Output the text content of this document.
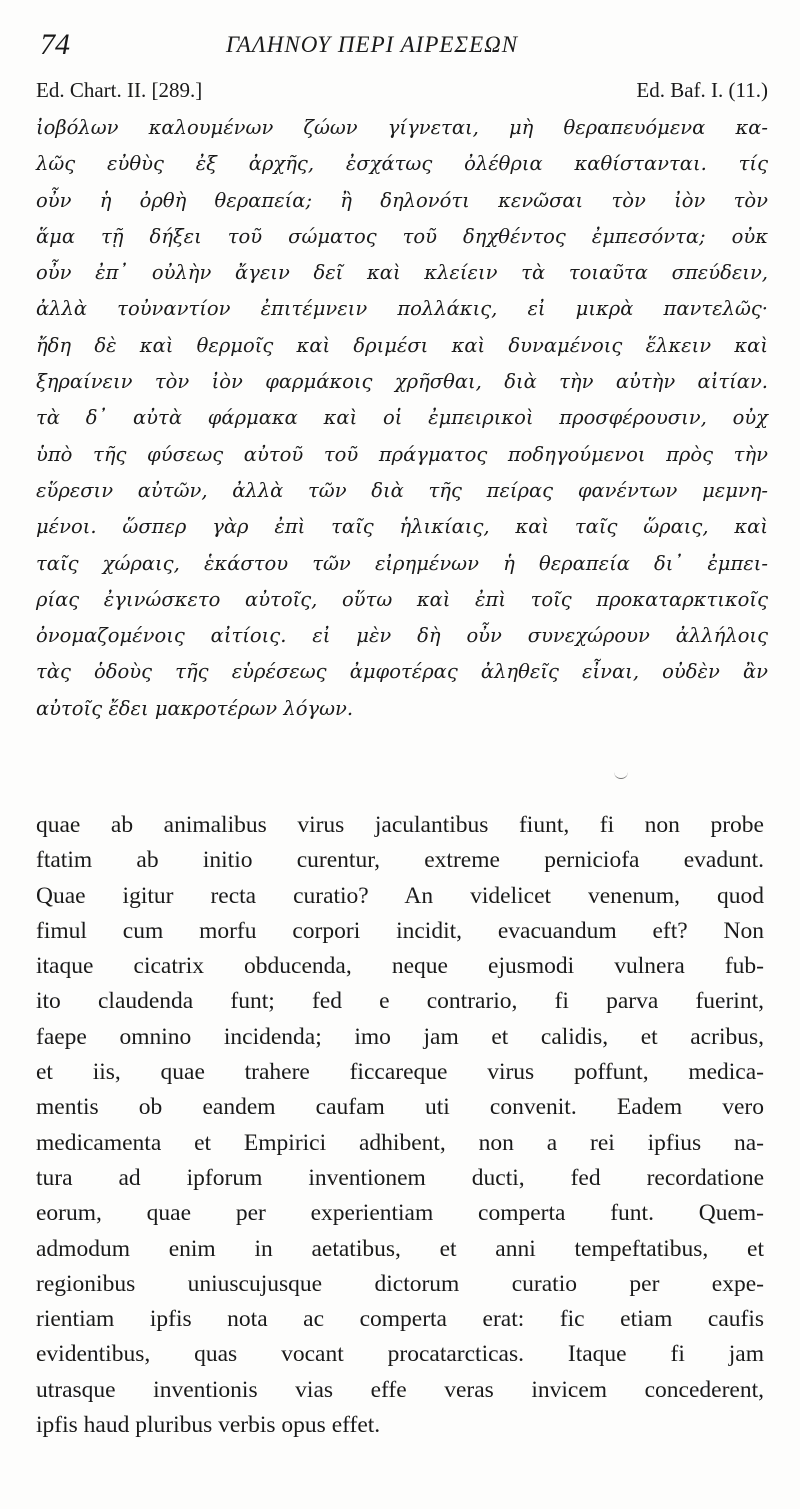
74	ΓΑΛΗΝΟΥ ΠΕΡΙ ΑΙΡΕΣΕΩΝ
Ed. Chart. II. [289.]	Ed. Baf. I. (11.)
ἰοβόλων καλουμένων ζώων γίγνεται, μὴ θεραπευόμενα κα-
λῶς εὐθὺς ἐξ ἀρχῆς, ἐσχάτως ὀλέθρια καθίστανται. τίς
οὖν ἡ ὀρθὴ θεραπεία; ἢ δηλονότι κενῶσαι τὸν ἰὸν τὸν
ἅμα τῇ δήξει τοῦ σώματος τοῦ δηχθέντος ἐμπεσόντα; οὐκ
οὖν ἐπ᾽ οὐλὴν ἄγειν δεῖ καὶ κλείειν τὰ τοιαῦτα σπεύδειν,
ἀλλὰ τοὐναντίον ἐπιτέμνειν πολλάκις, εἰ μικρὰ παντελῶς·
ἤδη δὲ καὶ θερμοῖς καὶ δριμέσι καὶ δυναμένοις ἕλκειν καὶ
ξηραίνειν τὸν ἰὸν φαρμάκοις χρῆσθαι, διὰ τὴν αὐτὴν αἰτίαν.
τὰ δ᾽ αὐτὰ φάρμακα καὶ οἱ ἐμπειρικοὶ προσφέρουσιν, οὐχ
ὑπὸ τῆς φύσεως αὐτοῦ τοῦ πράγματος ποδηγούμενοι πρὸς τὴν
εὕρεσιν αὐτῶν, ἀλλὰ τῶν διὰ τῆς πείρας φανέντων μεμνη-
μένοι. ὥσπερ γὰρ ἐπὶ ταῖς ἡλικίαις, καὶ ταῖς ὥραις, καὶ
ταῖς χώραις, ἑκάστου τῶν εἰρημένων ἡ θεραπεία δι᾽ ἐμπει-
ρίας ἐγινώσκετο αὐτοῖς, οὕτω καὶ ἐπὶ τοῖς προκαταρκτικοῖς
ὀνομαζομένοις αἰτίοις. εἰ μὲν δὴ οὖν συνεχώρουν ἀλλήλοις
τὰς ὁδοὺς τῆς εὑρέσεως ἀμφοτέρας ἀληθεῖς εἶναι, οὐδὲν ἂν
αὐτοῖς ἔδει μακροτέρων λόγων.
quae ab animalibus virus jaculantibus fiunt, fi non probe
ftatim ab initio curentur, extreme perniciofa evadunt.
Quae igitur recta curatio? An videlicet venenum, quod
fimul cum morfu corpori incidit, evacuandum eft? Non
itaque cicatrix obducenda, neque ejusmodi vulnera fub-
ito claudenda funt; fed e contrario, fi parva fuerint,
faepe omnino incidenda; imo jam et calidis, et acribus,
et iis, quae trahere ficcareque virus poffunt, medica-
mentis ob eandem caufam uti convenit. Eadem vero
medicamenta et Empirici adhibent, non a rei ipfius na-
tura ad ipforum inventionem ducti, fed recordatione
eorum, quae per experientiam comperta funt. Quem-
admodum enim in aetatibus, et anni tempeftatibus, et
regionibus uniuscujusque dictorum curatio per expe-
rientiam ipfis nota ac comperta erat: fic etiam caufis
evidentibus, quas vocant procatarcticas. Itaque fi jam
utrasque inventionis vias effe veras invicem concederent,
ipfis haud pluribus verbis opus effet.
